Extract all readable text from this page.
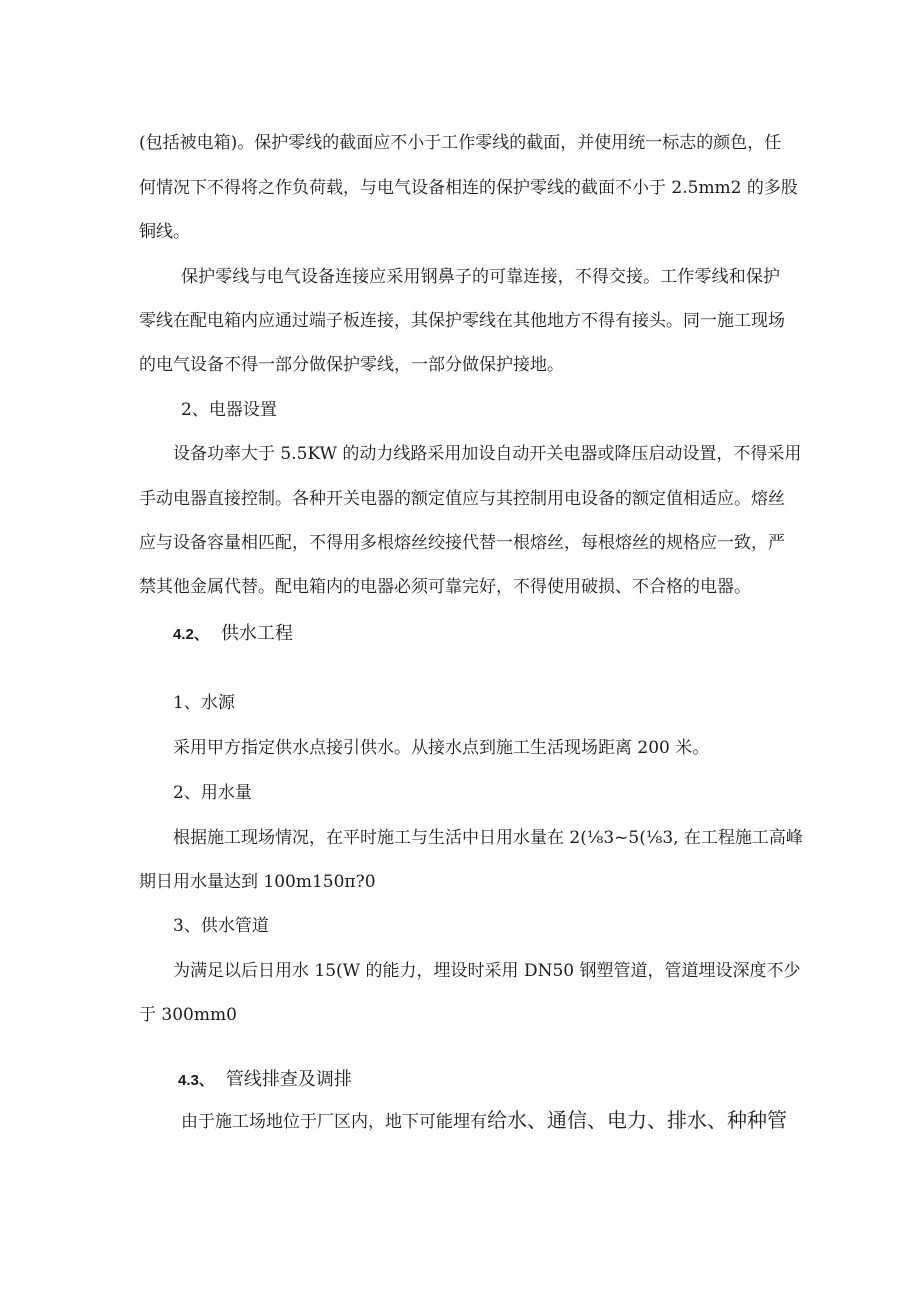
(包括被电箱)。保护零线的截面应不小于工作零线的截面，并使用统一标志的颜色，任
何情况下不得将之作负荷载，与电气设备相连的保护零线的截面不小于 2.5mm2 的多股
铜线。
保护零线与电气设备连接应采用钢鼻子的可靠连接，不得交接。工作零线和保护
零线在配电箱内应通过端子板连接，其保护零线在其他地方不得有接头。同一施工现场
的电气设备不得一部分做保护零线，一部分做保护接地。
2、电器设置
设备功率大于 5.5KW 的动力线路采用加设自动开关电器或降压启动设置，不得采用
手动电器直接控制。各种开关电器的额定值应与其控制用电设备的额定值相适应。熔丝
应与设备容量相匹配，不得用多根熔丝绞接代替一根熔丝，每根熔丝的规格应一致，严
禁其他金属代替。配电箱内的电器必须可靠完好，不得使用破损、不合格的电器。
4.2、 供水工程
1、水源
采用甲方指定供水点接引供水。从接水点到施工生活现场距离 200 米。
2、用水量
根据施工现场情况，在平时施工与生活中日用水量在 2(⅛3~5(⅛3, 在工程施工高峰
期日用水量达到 100m150π?0
3、供水管道
为满足以后日用水 15(W 的能力，埋设时采用 DN50 钢塑管道，管道埋设深度不少
于 300mm0
4.3、 管线排查及调排
由于施工场地位于厂区内，地下可能埋有给水、通信、电力、排水、种种管
